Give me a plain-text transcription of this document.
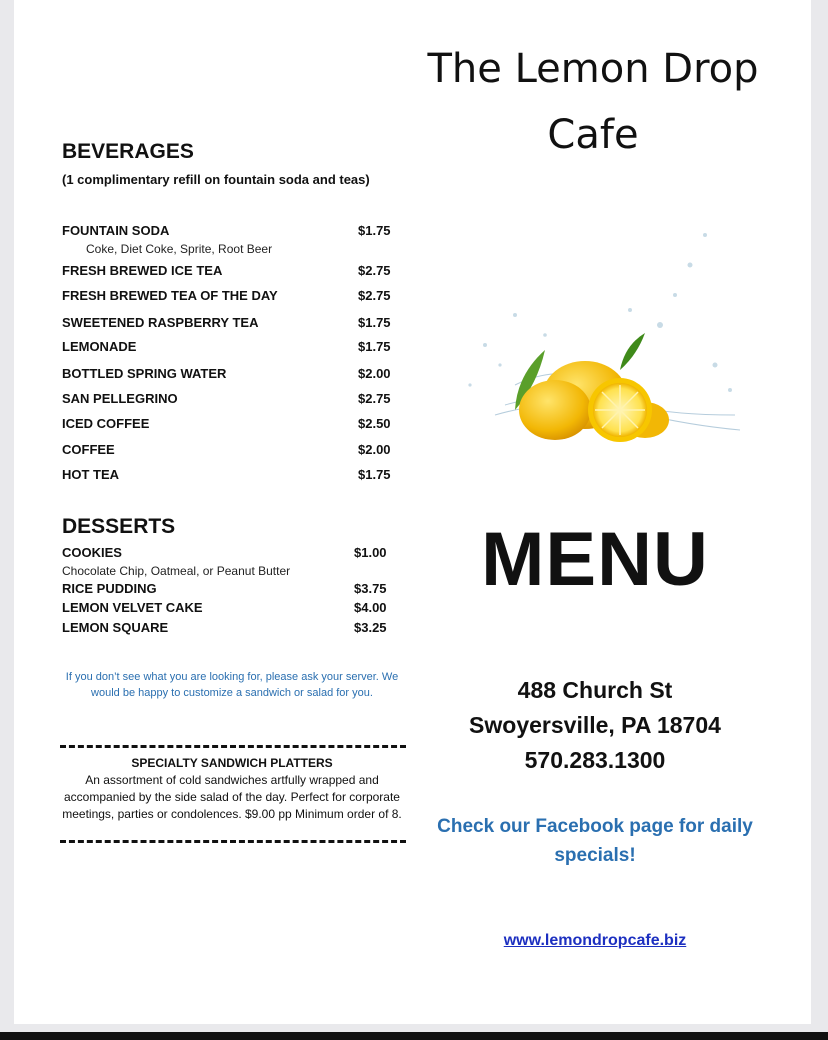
The Lemon Drop Cafe
BEVERAGES
(1 complimentary refill on fountain soda and teas)
FOUNTAIN SODA	$1.75
Coke, Diet Coke, Sprite, Root Beer
FRESH BREWED ICE TEA	$2.75
FRESH BREWED TEA OF THE DAY	$2.75
SWEETENED RASPBERRY TEA	$1.75
LEMONADE	$1.75
BOTTLED SPRING WATER	$2.00
SAN PELLEGRINO	$2.75
ICED COFFEE	$2.50
COFFEE	$2.00
HOT TEA	$1.75
DESSERTS
COOKIES	$1.00
Chocolate Chip, Oatmeal, or Peanut Butter
RICE PUDDING	$3.75
LEMON VELVET CAKE	$4.00
LEMON SQUARE	$3.25
If you don’t see what you are looking for, please ask your server. We would be happy to customize a sandwich or salad for you.
SPECIALTY SANDWICH PLATTERS
An assortment of cold sandwiches artfully wrapped and accompanied by the side salad of the day. Perfect for corporate meetings, parties or condolences. $9.00 pp Minimum order of 8.
MENU
488 Church St
Swoyersville, PA 18704
570.283.1300
Check our Facebook page for daily specials!
www.lemondropcafe.biz
